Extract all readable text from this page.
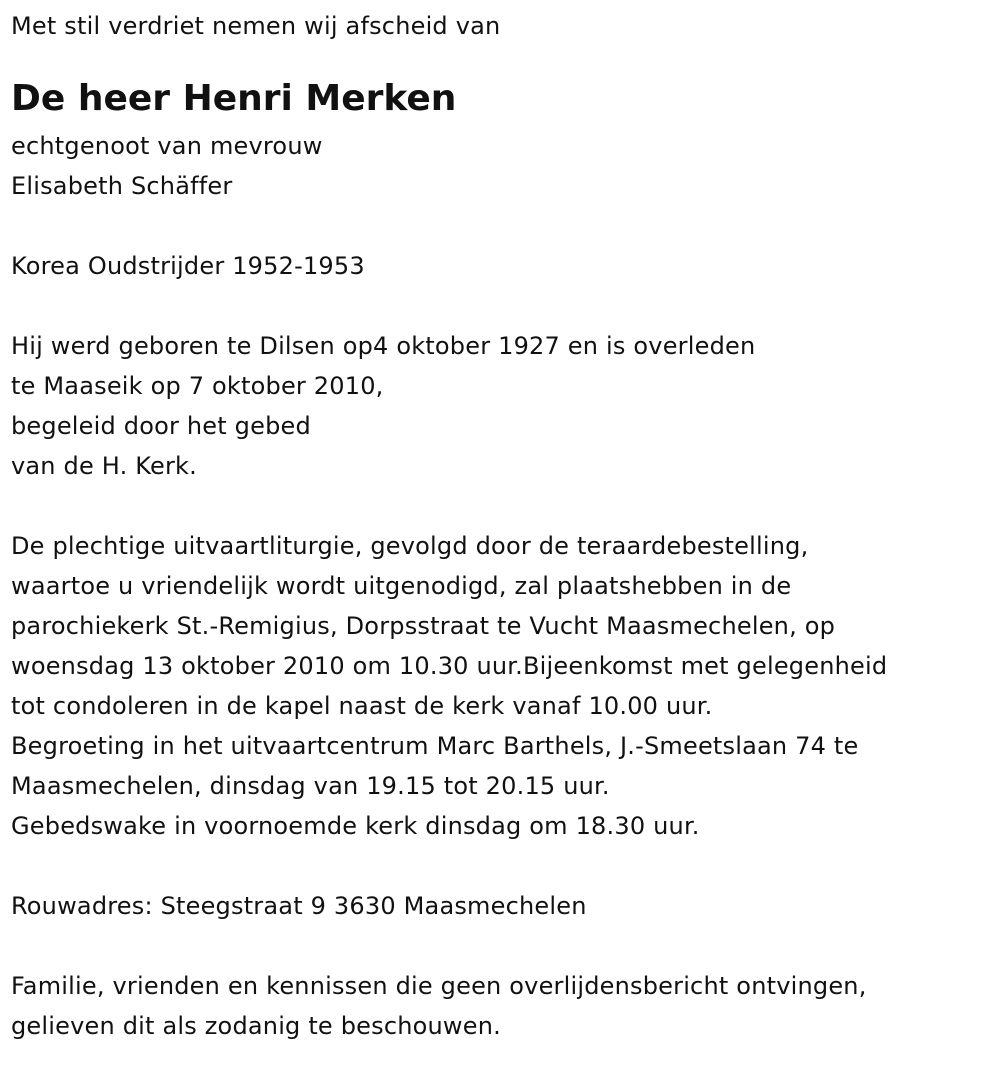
Met stil verdriet nemen wij afscheid van
De heer Henri Merken
echtgenoot van mevrouw
Elisabeth Schäffer
Korea Oudstrijder 1952-1953
Hij werd geboren te Dilsen op4 oktober 1927 en is overleden
te Maaseik op 7 oktober 2010,
begeleid door het gebed
van de H. Kerk.
De plechtige uitvaartliturgie, gevolgd door de teraardebestelling,
waartoe u vriendelijk wordt uitgenodigd, zal plaatshebben in de
parochiekerk St.-Remigius, Dorpsstraat te Vucht Maasmechelen, op
woensdag 13 oktober 2010 om 10.30 uur.Bijeenkomst met gelegenheid
tot condoleren in de kapel naast de kerk vanaf 10.00 uur.
Begroeting in het uitvaartcentrum Marc Barthels, J.-Smeetslaan 74 te
Maasmechelen, dinsdag van 19.15 tot 20.15 uur.
Gebedswake in voornoemde kerk dinsdag om 18.30 uur.
Rouwadres: Steegstraat 9 3630 Maasmechelen
Familie, vrienden en kennissen die geen overlijdensbericht ontvingen,
gelieven dit als zodanig te beschouwen.
